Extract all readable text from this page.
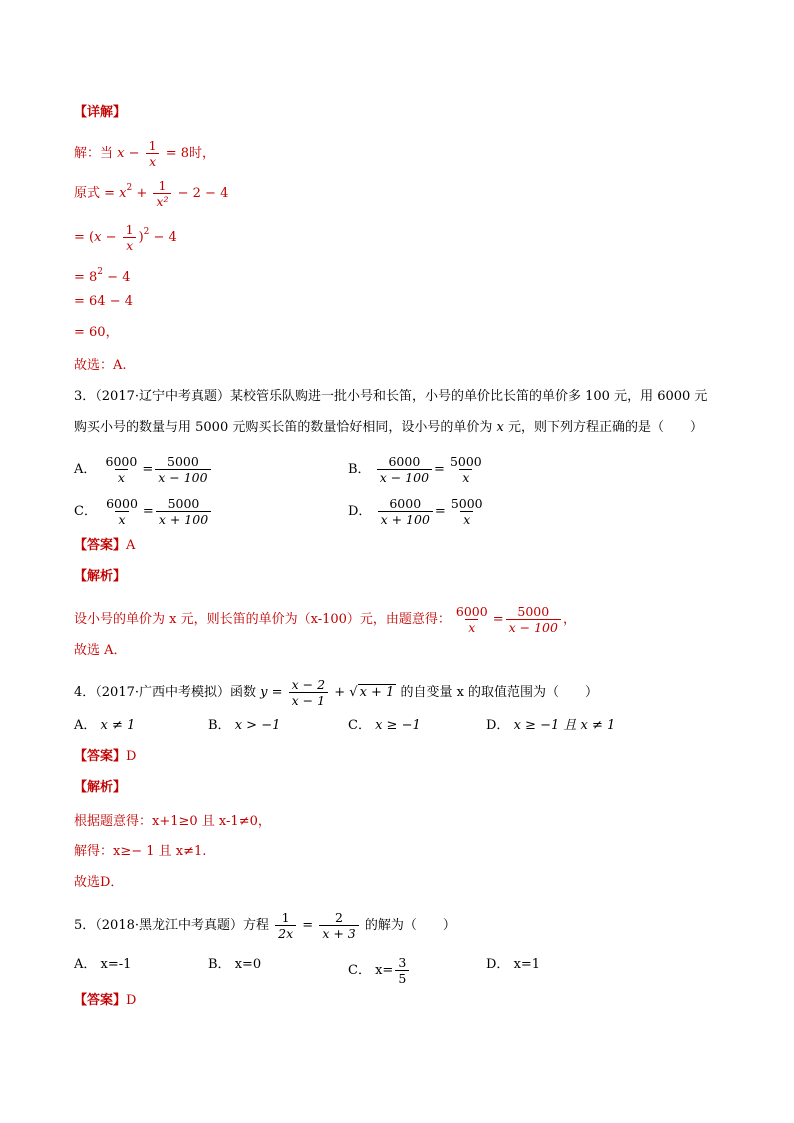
【详解】
解：当 $x - \frac{1}{x} = 8$时，
原式 = $x^2 + \frac{1}{\text{x²}} - 2 - 4$
= $(x - \frac{1}{x} )^2 - 4$
= $8^2 - 4$
= 64 − 4
= 60，
故选：A.
3．（2017·辽宁中考真题）某校管乐队购进一批小号和长笛，小号的单价比长笛的单价多 100 元，用 6000 元
购买小号的数量与用 5000 元购买长笛的数量恰好相同，设小号的单价为 x 元，则下列方程正确的是（　　）
A． $\frac{6000}{x} = \frac{5000}{x - 100}$	B． $\frac{6000}{x - 100} = \frac{5000}{x}$
C． $\frac{6000}{x} = \frac{5000}{x + 100}$	D． $\frac{6000}{x + 100} = \frac{5000}{x}$
【答案】A
【解析】
设小号的单价为 x 元，则长笛的单价为（x-100）元，由题意得： $\frac{6000}{x} = \frac{5000}{x - 100}$ ，
故选 A．
4．（2017·广西中考模拟）函数 $y = \frac{x - 2}{x - 1}$ + √ x + 1 的自变量 x 的取值范围为（　　）
A． x ≠ 1	B． x > −1	C． x ≥ −1	D． x ≥ −1 且 x ≠ 1
【答案】D
【解析】
根据题意得：x+1≥0 且 x-1≠0，
解得：x≥− 1 且 x≠1.
故选D．
5．（2018·黑龙江中考真题）方程 $\frac{1}{2x} = \frac{2}{x + 3}$ 的解为（　　）
A． x=-1	B． x=0	C． $x= \frac{3}{5}$	D． x=1
【答案】D
